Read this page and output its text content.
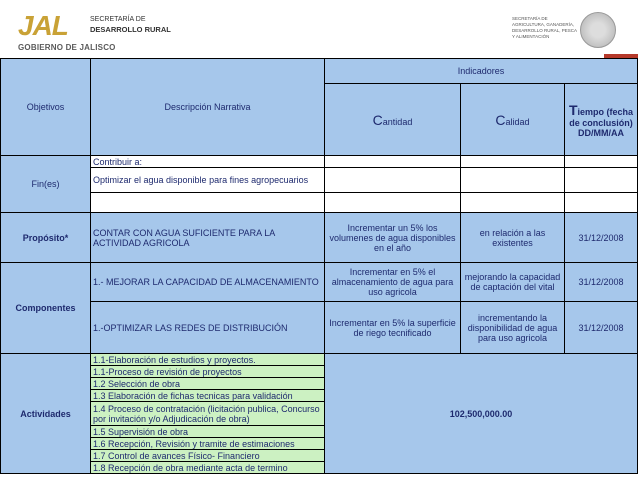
JAL
GOBIERNO DE JALISCO
SECRETARÍA DE
DESARROLLO RURAL
SECRETARÍA DE AGRICULTURA, GANADERÍA, DESARROLLO RURAL, PESCA Y ALIMENTACIÓN
Objetivos	Descripción Narrativa	Indicadores		
		Cantidad	Calidad	Tiempo (fecha de conclusión) DD/MM/AA
Fin(es)	Contribuir a:			
	Optimizar el agua disponible para fines agropecuarios			

Propósito*	CONTAR CON AGUA SUFICIENTE PARA LA ACTIVIDAD AGRICOLA	Incrementar un 5% los volumenes de agua disponibles en el año	en relación a las existentes	31/12/2008
Componentes	1.- MEJORAR LA CAPACIDAD DE ALMACENAMIENTO	Incrementar en 5% el almacenamiento de agua para uso agricola	mejorando la capacidad de captación del vital	31/12/2008
	1.-OPTIMIZAR LAS REDES DE DISTRIBUCIÓN	Incrementar en 5% la superficie de riego tecnificado	incrementando la disponibilidad de agua para uso agricola	31/12/2008
Actividades	1.1-Elaboración de estudios y proyectos.	102,500,000.00		
	1.1-Proceso de revisión de proyectos			
	1.2 Selección de obra			
	1.3 Elaboración de fichas tecnicas para validación			
	1.4 Proceso de contratación (licitación publica, Concurso por invitación y/o Adjudicación de obra)			
	1.5 Supervisión de obra			
	1.6 Recepción, Revisión y tramite de estimaciones			
	1.7 Control de avances Físico- Financiero			
	1.8 Recepción de obra mediante acta de termino			
